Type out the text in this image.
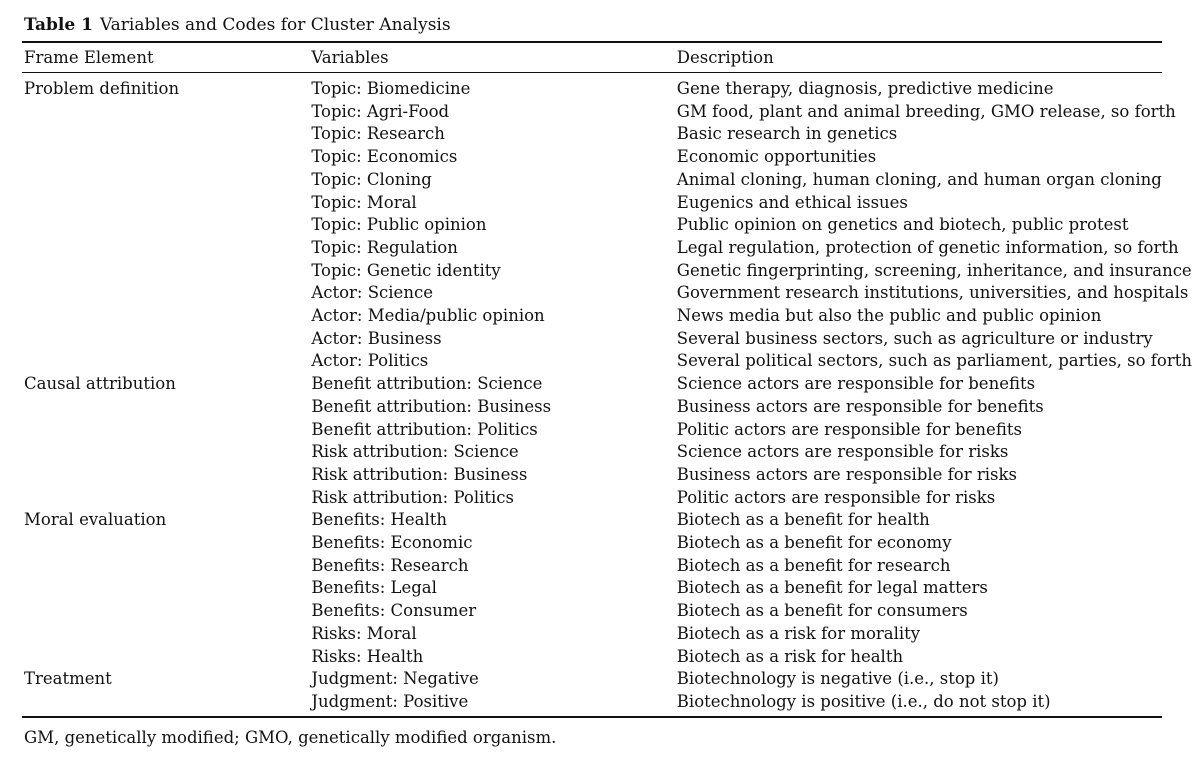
Table 1 Variables and Codes for Cluster Analysis
Frame Element	Variables	Description
Problem definition	Topic: Biomedicine	Gene therapy, diagnosis, predictive medicine
	Topic: Agri-Food	GM food, plant and animal breeding, GMO release, so forth
	Topic: Research	Basic research in genetics
	Topic: Economics	Economic opportunities
	Topic: Cloning	Animal cloning, human cloning, and human organ cloning
	Topic: Moral	Eugenics and ethical issues
	Topic: Public opinion	Public opinion on genetics and biotech, public protest
	Topic: Regulation	Legal regulation, protection of genetic information, so forth
	Topic: Genetic identity	Genetic fingerprinting, screening, inheritance, and insurance
	Actor: Science	Government research institutions, universities, and hospitals
	Actor: Media/public opinion	News media but also the public and public opinion
	Actor: Business	Several business sectors, such as agriculture or industry
	Actor: Politics	Several political sectors, such as parliament, parties, so forth
Causal attribution	Benefit attribution: Science	Science actors are responsible for benefits
	Benefit attribution: Business	Business actors are responsible for benefits
	Benefit attribution: Politics	Politic actors are responsible for benefits
	Risk attribution: Science	Science actors are responsible for risks
	Risk attribution: Business	Business actors are responsible for risks
	Risk attribution: Politics	Politic actors are responsible for risks
Moral evaluation	Benefits: Health	Biotech as a benefit for health
	Benefits: Economic	Biotech as a benefit for economy
	Benefits: Research	Biotech as a benefit for research
	Benefits: Legal	Biotech as a benefit for legal matters
	Benefits: Consumer	Biotech as a benefit for consumers
	Risks: Moral	Biotech as a risk for morality
	Risks: Health	Biotech as a risk for health
Treatment	Judgment: Negative	Biotechnology is negative (i.e., stop it)
	Judgment: Positive	Biotechnology is positive (i.e., do not stop it)
GM, genetically modified; GMO, genetically modified organism.
